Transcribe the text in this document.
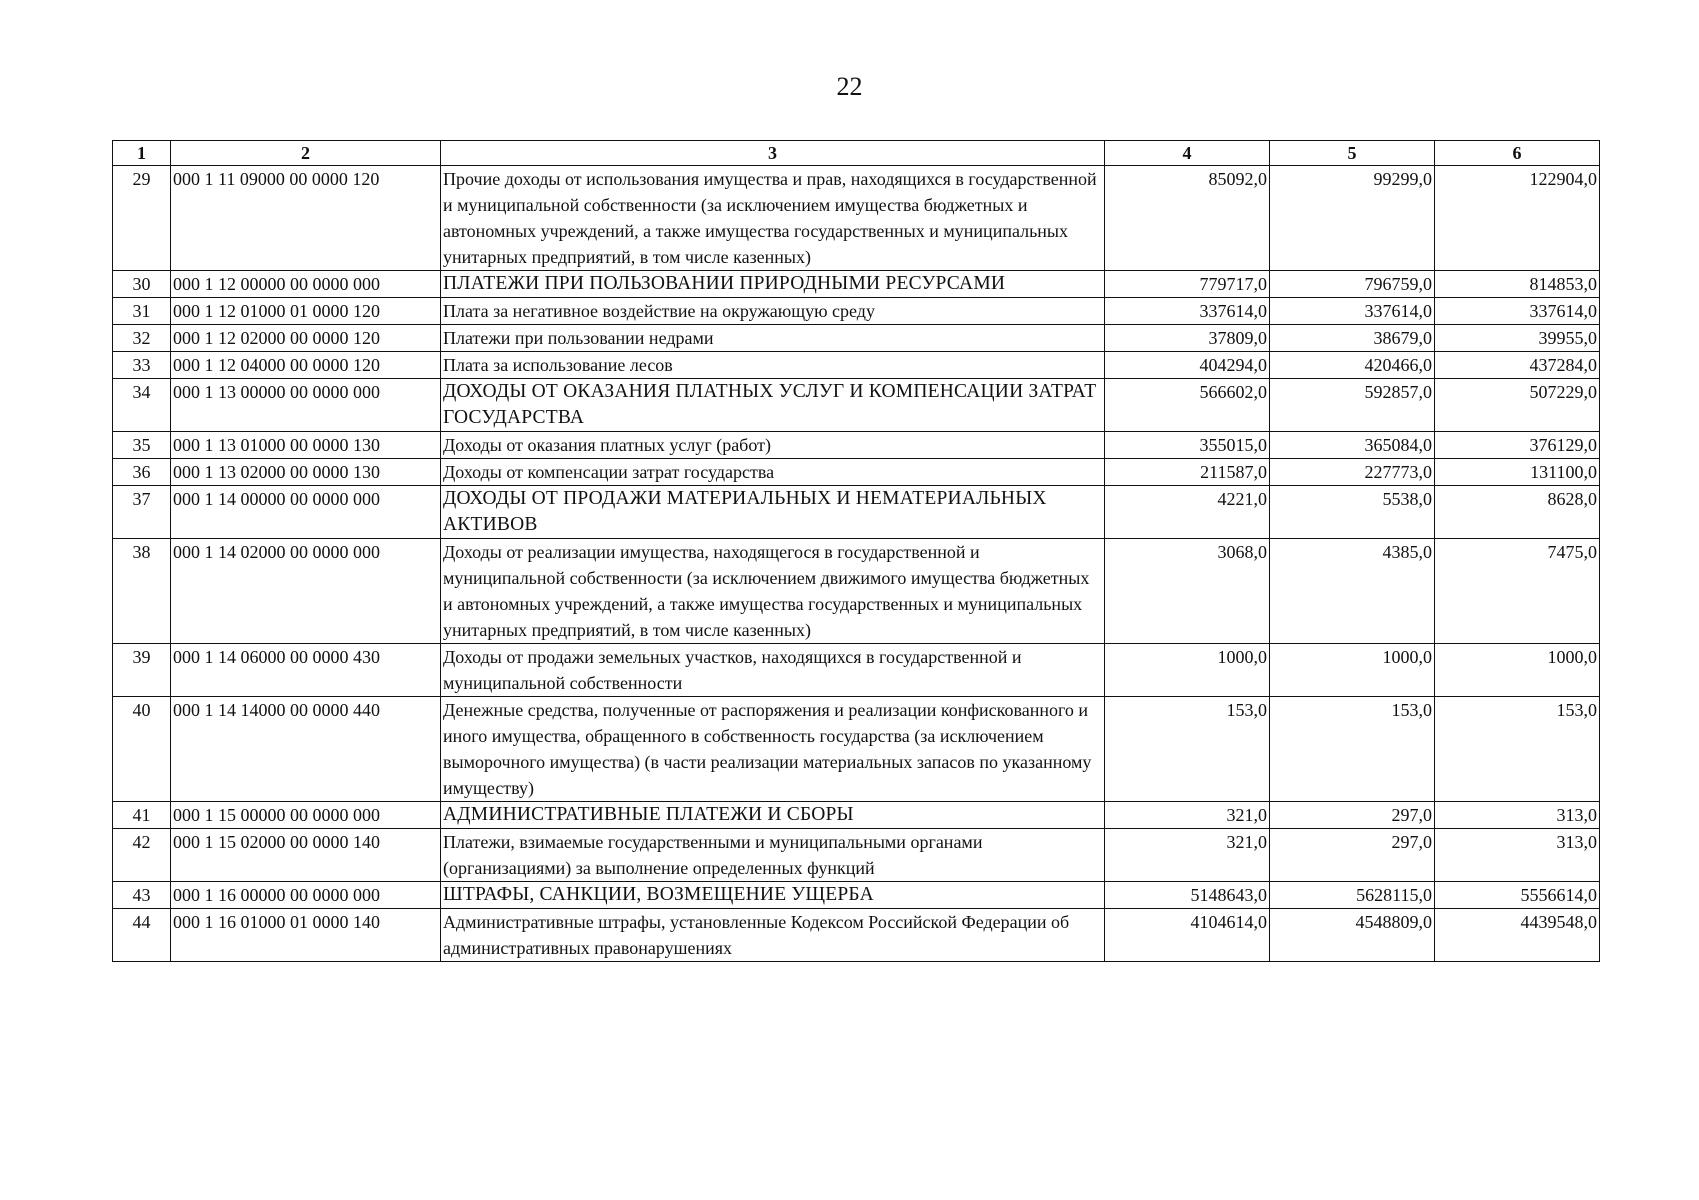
22
1	2	3	4	5	6
29	000 1 11 09000 00 0000 120	Прочие доходы от использования имущества и прав, находящихся в государственной и муниципальной собственности (за исключением имущества бюджетных и автономных учреждений, а также имущества государственных и муниципальных унитарных предприятий, в том числе казенных)	85092,0	99299,0	122904,0
30	000 1 12 00000 00 0000 000	ПЛАТЕЖИ ПРИ ПОЛЬЗОВАНИИ ПРИРОДНЫМИ РЕСУРСАМИ	779717,0	796759,0	814853,0
31	000 1 12 01000 01 0000 120	Плата за негативное воздействие на окружающую среду	337614,0	337614,0	337614,0
32	000 1 12 02000 00 0000 120	Платежи при пользовании недрами	37809,0	38679,0	39955,0
33	000 1 12 04000 00 0000 120	Плата за использование лесов	404294,0	420466,0	437284,0
34	000 1 13 00000 00 0000 000	ДОХОДЫ ОТ ОКАЗАНИЯ ПЛАТНЫХ УСЛУГ И КОМПЕНСАЦИИ ЗАТРАТ ГОСУДАРСТВА	566602,0	592857,0	507229,0
35	000 1 13 01000 00 0000 130	Доходы от оказания платных услуг (работ)	355015,0	365084,0	376129,0
36	000 1 13 02000 00 0000 130	Доходы от компенсации затрат государства	211587,0	227773,0	131100,0
37	000 1 14 00000 00 0000 000	ДОХОДЫ ОТ ПРОДАЖИ МАТЕРИАЛЬНЫХ И НЕМАТЕРИАЛЬНЫХ АКТИВОВ	4221,0	5538,0	8628,0
38	000 1 14 02000 00 0000 000	Доходы от реализации имущества, находящегося в государственной и муниципальной собственности (за исключением движимого имущества бюджетных и автономных учреждений, а также имущества государственных и муниципальных унитарных предприятий, в том числе казенных)	3068,0	4385,0	7475,0
39	000 1 14 06000 00 0000 430	Доходы от продажи земельных участков, находящихся в государственной и муниципальной собственности	1000,0	1000,0	1000,0
40	000 1 14 14000 00 0000 440	Денежные средства, полученные от распоряжения и реализации конфискованного и иного имущества, обращенного в собственность государства (за исключением выморочного имущества) (в части реализации материальных запасов по указанному имуществу)	153,0	153,0	153,0
41	000 1 15 00000 00 0000 000	АДМИНИСТРАТИВНЫЕ ПЛАТЕЖИ И СБОРЫ	321,0	297,0	313,0
42	000 1 15 02000 00 0000 140	Платежи, взимаемые государственными и муниципальными органами (организациями) за выполнение определенных функций	321,0	297,0	313,0
43	000 1 16 00000 00 0000 000	ШТРАФЫ, САНКЦИИ, ВОЗМЕЩЕНИЕ УЩЕРБА	5148643,0	5628115,0	5556614,0
44	000 1 16 01000 01 0000 140	Административные штрафы, установленные Кодексом Российской Федерации об административных правонарушениях	4104614,0	4548809,0	4439548,0
